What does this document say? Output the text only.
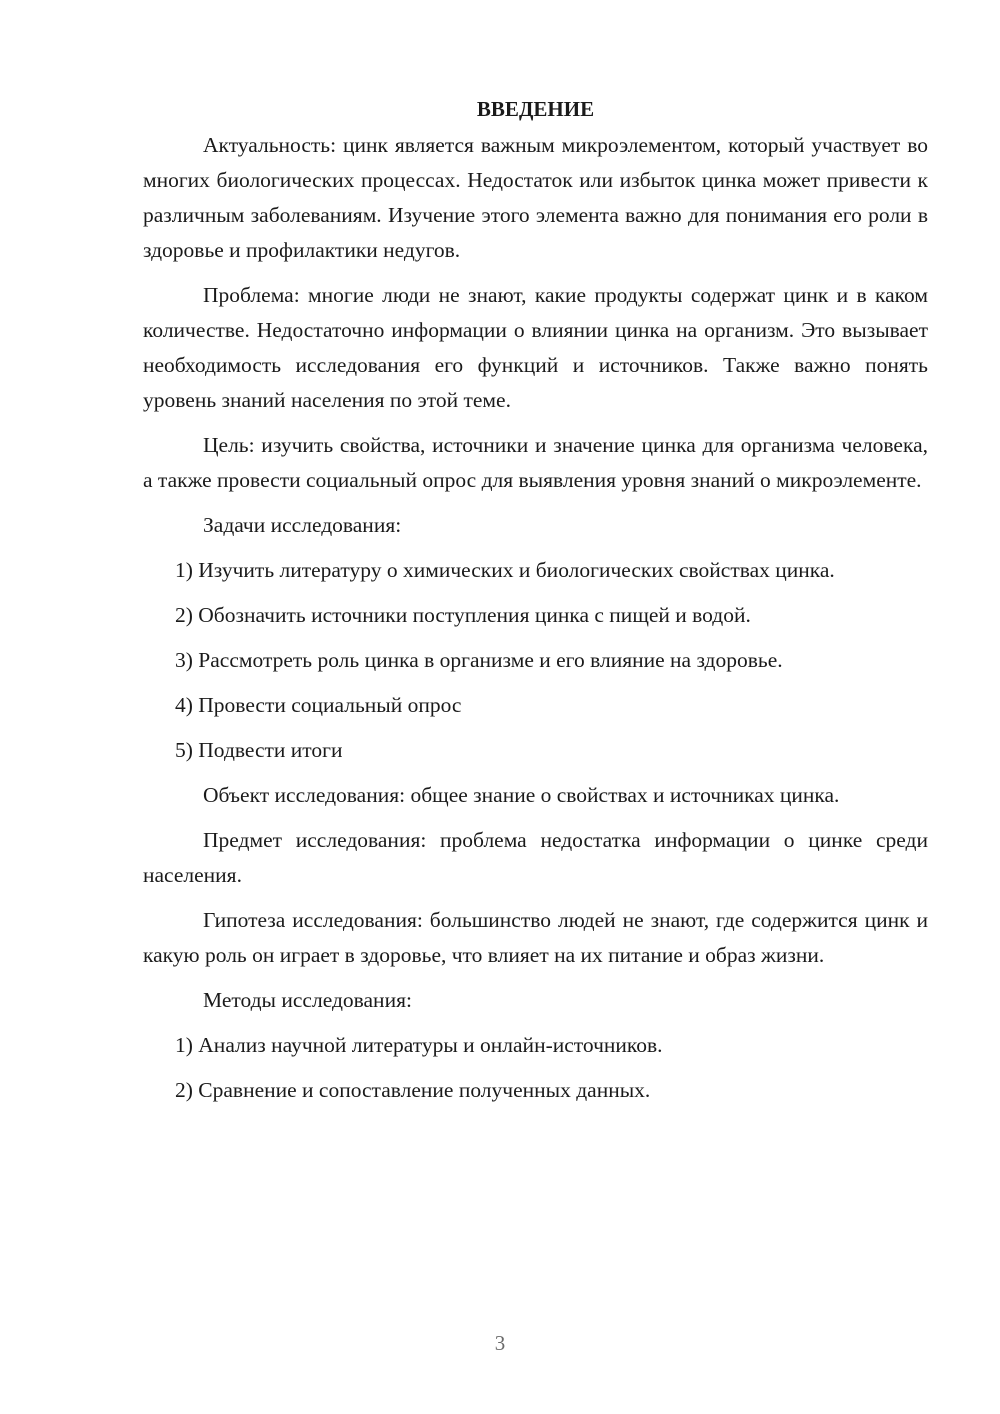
ВВЕДЕНИЕ

Актуальность: цинк является важным микроэлементом, который участвует во многих биологических процессах. Недостаток или избыток цинка может привести к различным заболеваниям. Изучение этого элемента важно для понимания его роли в здоровье и профилактики недугов.

Проблема: многие люди не знают, какие продукты содержат цинк и в каком количестве. Недостаточно информации о влиянии цинка на организм. Это вызывает необходимость исследования его функций и источников. Также важно понять уровень знаний населения по этой теме.

Цель: изучить свойства, источники и значение цинка для организма человека, а также провести социальный опрос для выявления уровня знаний о микроэлементе.

Задачи исследования:

1) Изучить литературу о химических и биологических свойствах цинка.

2) Обозначить источники поступления цинка с пищей и водой.

3) Рассмотреть роль цинка в организме и его влияние на здоровье.

4) Провести социальный опрос

5) Подвести итоги

Объект исследования: общее знание о свойствах и источниках цинка.

Предмет исследования: проблема недостатка информации о цинке среди населения.

Гипотеза исследования: большинство людей не знают, где содержится цинк и какую роль он играет в здоровье, что влияет на их питание и образ жизни.

Методы исследования:

1) Анализ научной литературы и онлайн-источников.

2) Сравнение и сопоставление полученных данных.

3
